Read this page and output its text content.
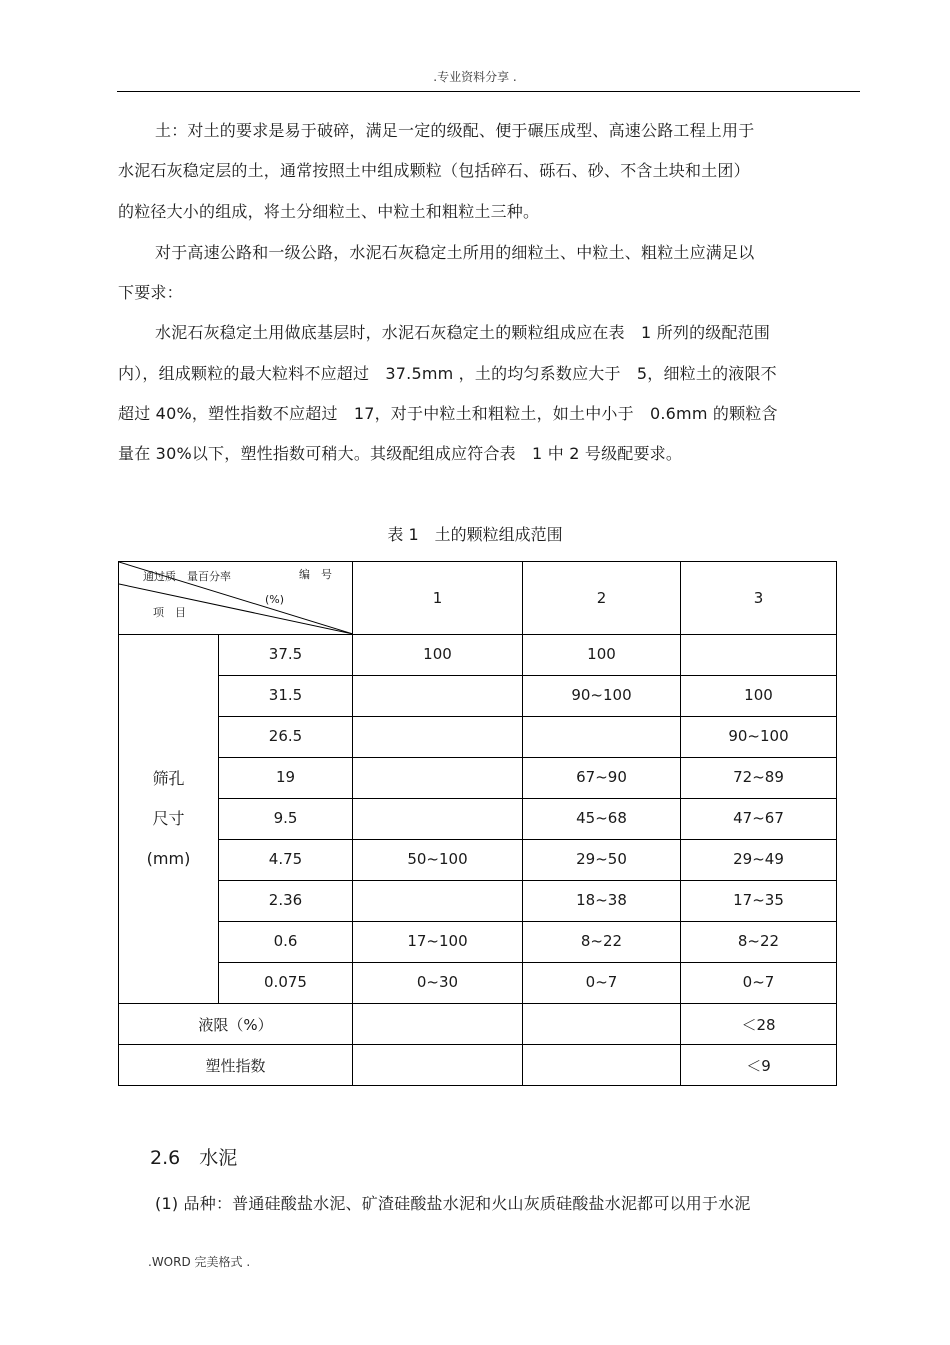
.专业资料分享 .
土：对土的要求是易于破碎，满足一定的级配、便于碾压成型、高速公路工程上用于
水泥石灰稳定层的土，通常按照土中组成颗粒（包括碎石、砾石、砂、不含土块和土团）
的粒径大小的组成，将土分细粒土、中粒土和粗粒土三种。
对于高速公路和一级公路，水泥石灰稳定土所用的细粒土、中粒土、粗粒土应满足以
下要求：
水泥石灰稳定土用做底基层时，水泥石灰稳定土的颗粒组成应在表　1 所列的级配范围
内），组成颗粒的最大粒料不应超过　37.5mm ，土的均匀系数应大于　5，细粒土的液限不
超过 40%，塑性指数不应超过　17，对于中粒土和粗粒土，如土中小于　0.6mm 的颗粒含
量在 30%以下，塑性指数可稍大。其级配组成应符合表　1 中 2 号级配要求。
表 1　土的颗粒组成范围
编　号
通过质　量百分率
(%)
项　目		1	2	3

筛孔
尺寸
(mm)	37.5	100	100	
	31.5		90~100	100
	26.5			90~100
	19		67~90	72~89
	9.5		45~68	47~67
	4.75	50~100	29~50	29~49
	2.36		18~38	17~35
	0.6	17~100	8~22	8~22
	0.075	0~30	0~7	0~7
液限（%）				＜28
塑性指数				＜9
2.6　水泥
(1) 品种：普通硅酸盐水泥、矿渣硅酸盐水泥和火山灰质硅酸盐水泥都可以用于水泥
.WORD 完美格式 .
